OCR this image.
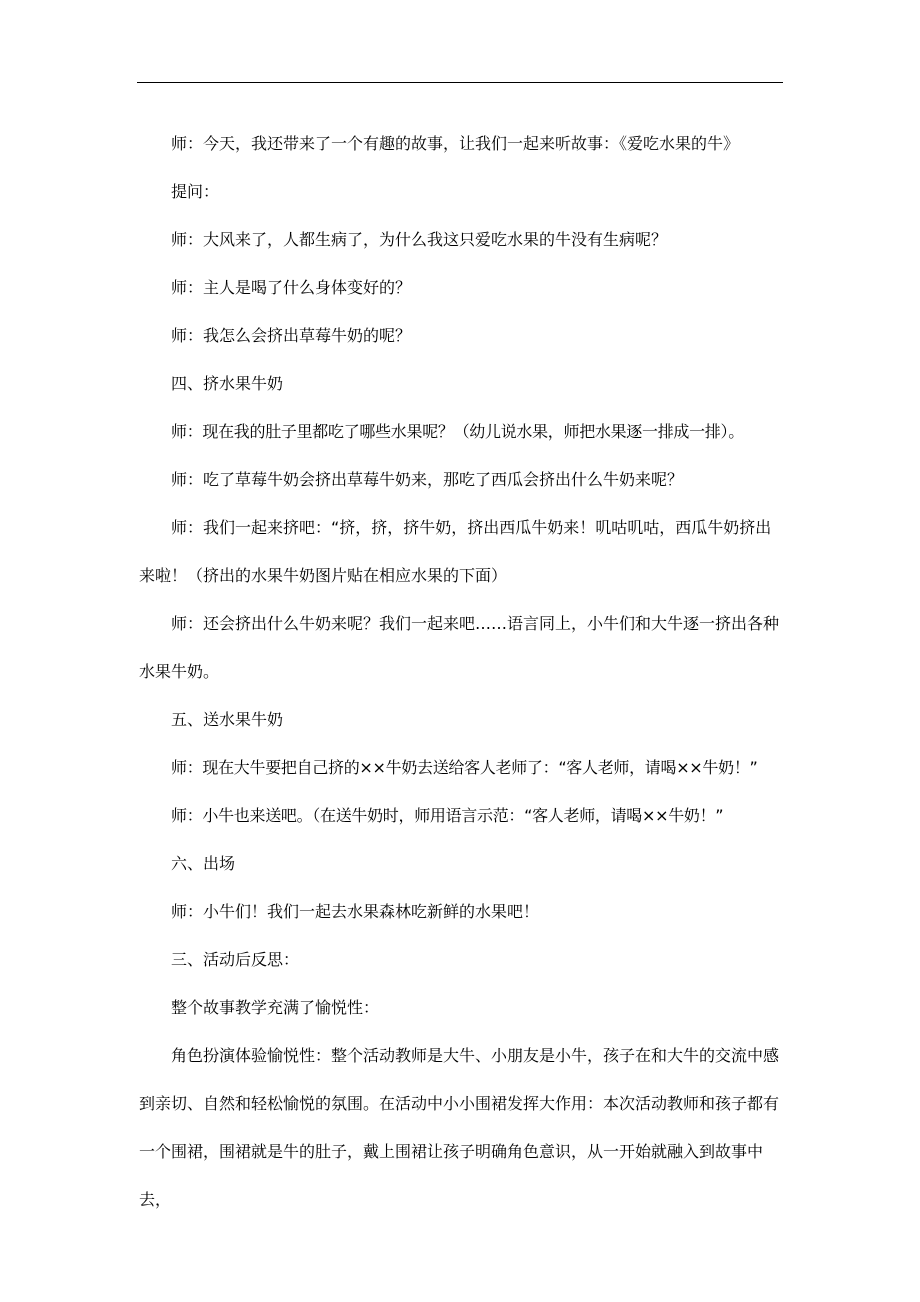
师：今天，我还带来了一个有趣的故事，让我们一起来听故事：《爱吃水果的牛》

提问：

师：大风来了，人都生病了，为什么我这只爱吃水果的牛没有生病呢？

师：主人是喝了什么身体变好的？

师：我怎么会挤出草莓牛奶的呢？

四、挤水果牛奶

师：现在我的肚子里都吃了哪些水果呢？（幼儿说水果，师把水果逐一排成一排）。

师：吃了草莓牛奶会挤出草莓牛奶来，那吃了西瓜会挤出什么牛奶来呢？

师：我们一起来挤吧：“挤，挤，挤牛奶，挤出西瓜牛奶来！叽咕叽咕，西瓜牛奶挤出来啦！（挤出的水果牛奶图片贴在相应水果的下面）

师：还会挤出什么牛奶来呢？我们一起来吧……语言同上，小牛们和大牛逐一挤出各种水果牛奶。

五、送水果牛奶

师：现在大牛要把自己挤的××牛奶去送给客人老师了：“客人老师，请喝××牛奶！”

师：小牛也来送吧。（在送牛奶时，师用语言示范：“客人老师，请喝××牛奶！”

六、出场

师：小牛们！我们一起去水果森林吃新鲜的水果吧！

三、活动后反思：

整个故事教学充满了愉悦性：

角色扮演体验愉悦性：整个活动教师是大牛、小朋友是小牛，孩子在和大牛的交流中感到亲切、自然和轻松愉悦的氛围。在活动中小小围裙发挥大作用：本次活动教师和孩子都有一个围裙，围裙就是牛的肚子，戴上围裙让孩子明确角色意识，从一开始就融入到故事中去，
